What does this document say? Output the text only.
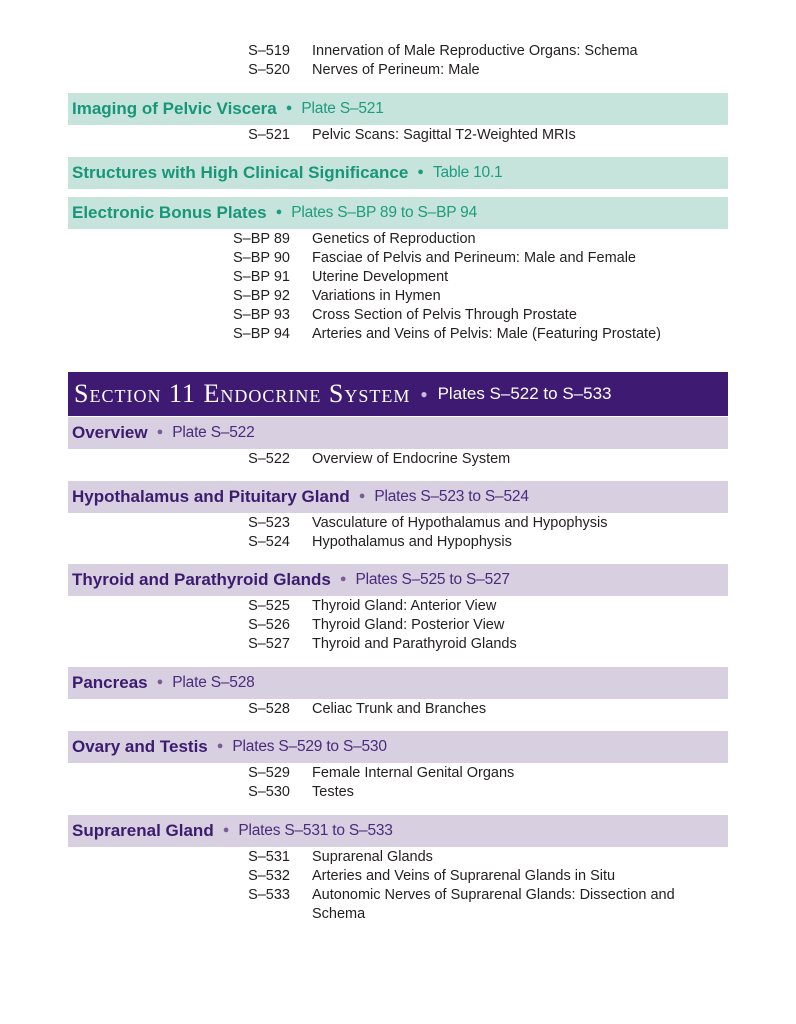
S–519 Innervation of Male Reproductive Organs: Schema
S–520 Nerves of Perineum: Male
Imaging of Pelvic Viscera ● Plate S–521
S–521 Pelvic Scans: Sagittal T2-Weighted MRIs
Structures with High Clinical Significance ● Table 10.1
Electronic Bonus Plates ● Plates S–BP 89 to S–BP 94
S–BP 89 Genetics of Reproduction
S–BP 90 Fasciae of Pelvis and Perineum: Male and Female
S–BP 91 Uterine Development
S–BP 92 Variations in Hymen
S–BP 93 Cross Section of Pelvis Through Prostate
S–BP 94 Arteries and Veins of Pelvis: Male (Featuring Prostate)
Section 11 Endocrine System ● Plates S–522 to S–533
Overview ● Plate S–522
S–522 Overview of Endocrine System
Hypothalamus and Pituitary Gland ● Plates S–523 to S–524
S–523 Vasculature of Hypothalamus and Hypophysis
S–524 Hypothalamus and Hypophysis
Thyroid and Parathyroid Glands ● Plates S–525 to S–527
S–525 Thyroid Gland: Anterior View
S–526 Thyroid Gland: Posterior View
S–527 Thyroid and Parathyroid Glands
Pancreas ● Plate S–528
S–528 Celiac Trunk and Branches
Ovary and Testis ● Plates S–529 to S–530
S–529 Female Internal Genital Organs
S–530 Testes
Suprarenal Gland ● Plates S–531 to S–533
S–531 Suprarenal Glands
S–532 Arteries and Veins of Suprarenal Glands in Situ
S–533 Autonomic Nerves of Suprarenal Glands: Dissection and Schema
